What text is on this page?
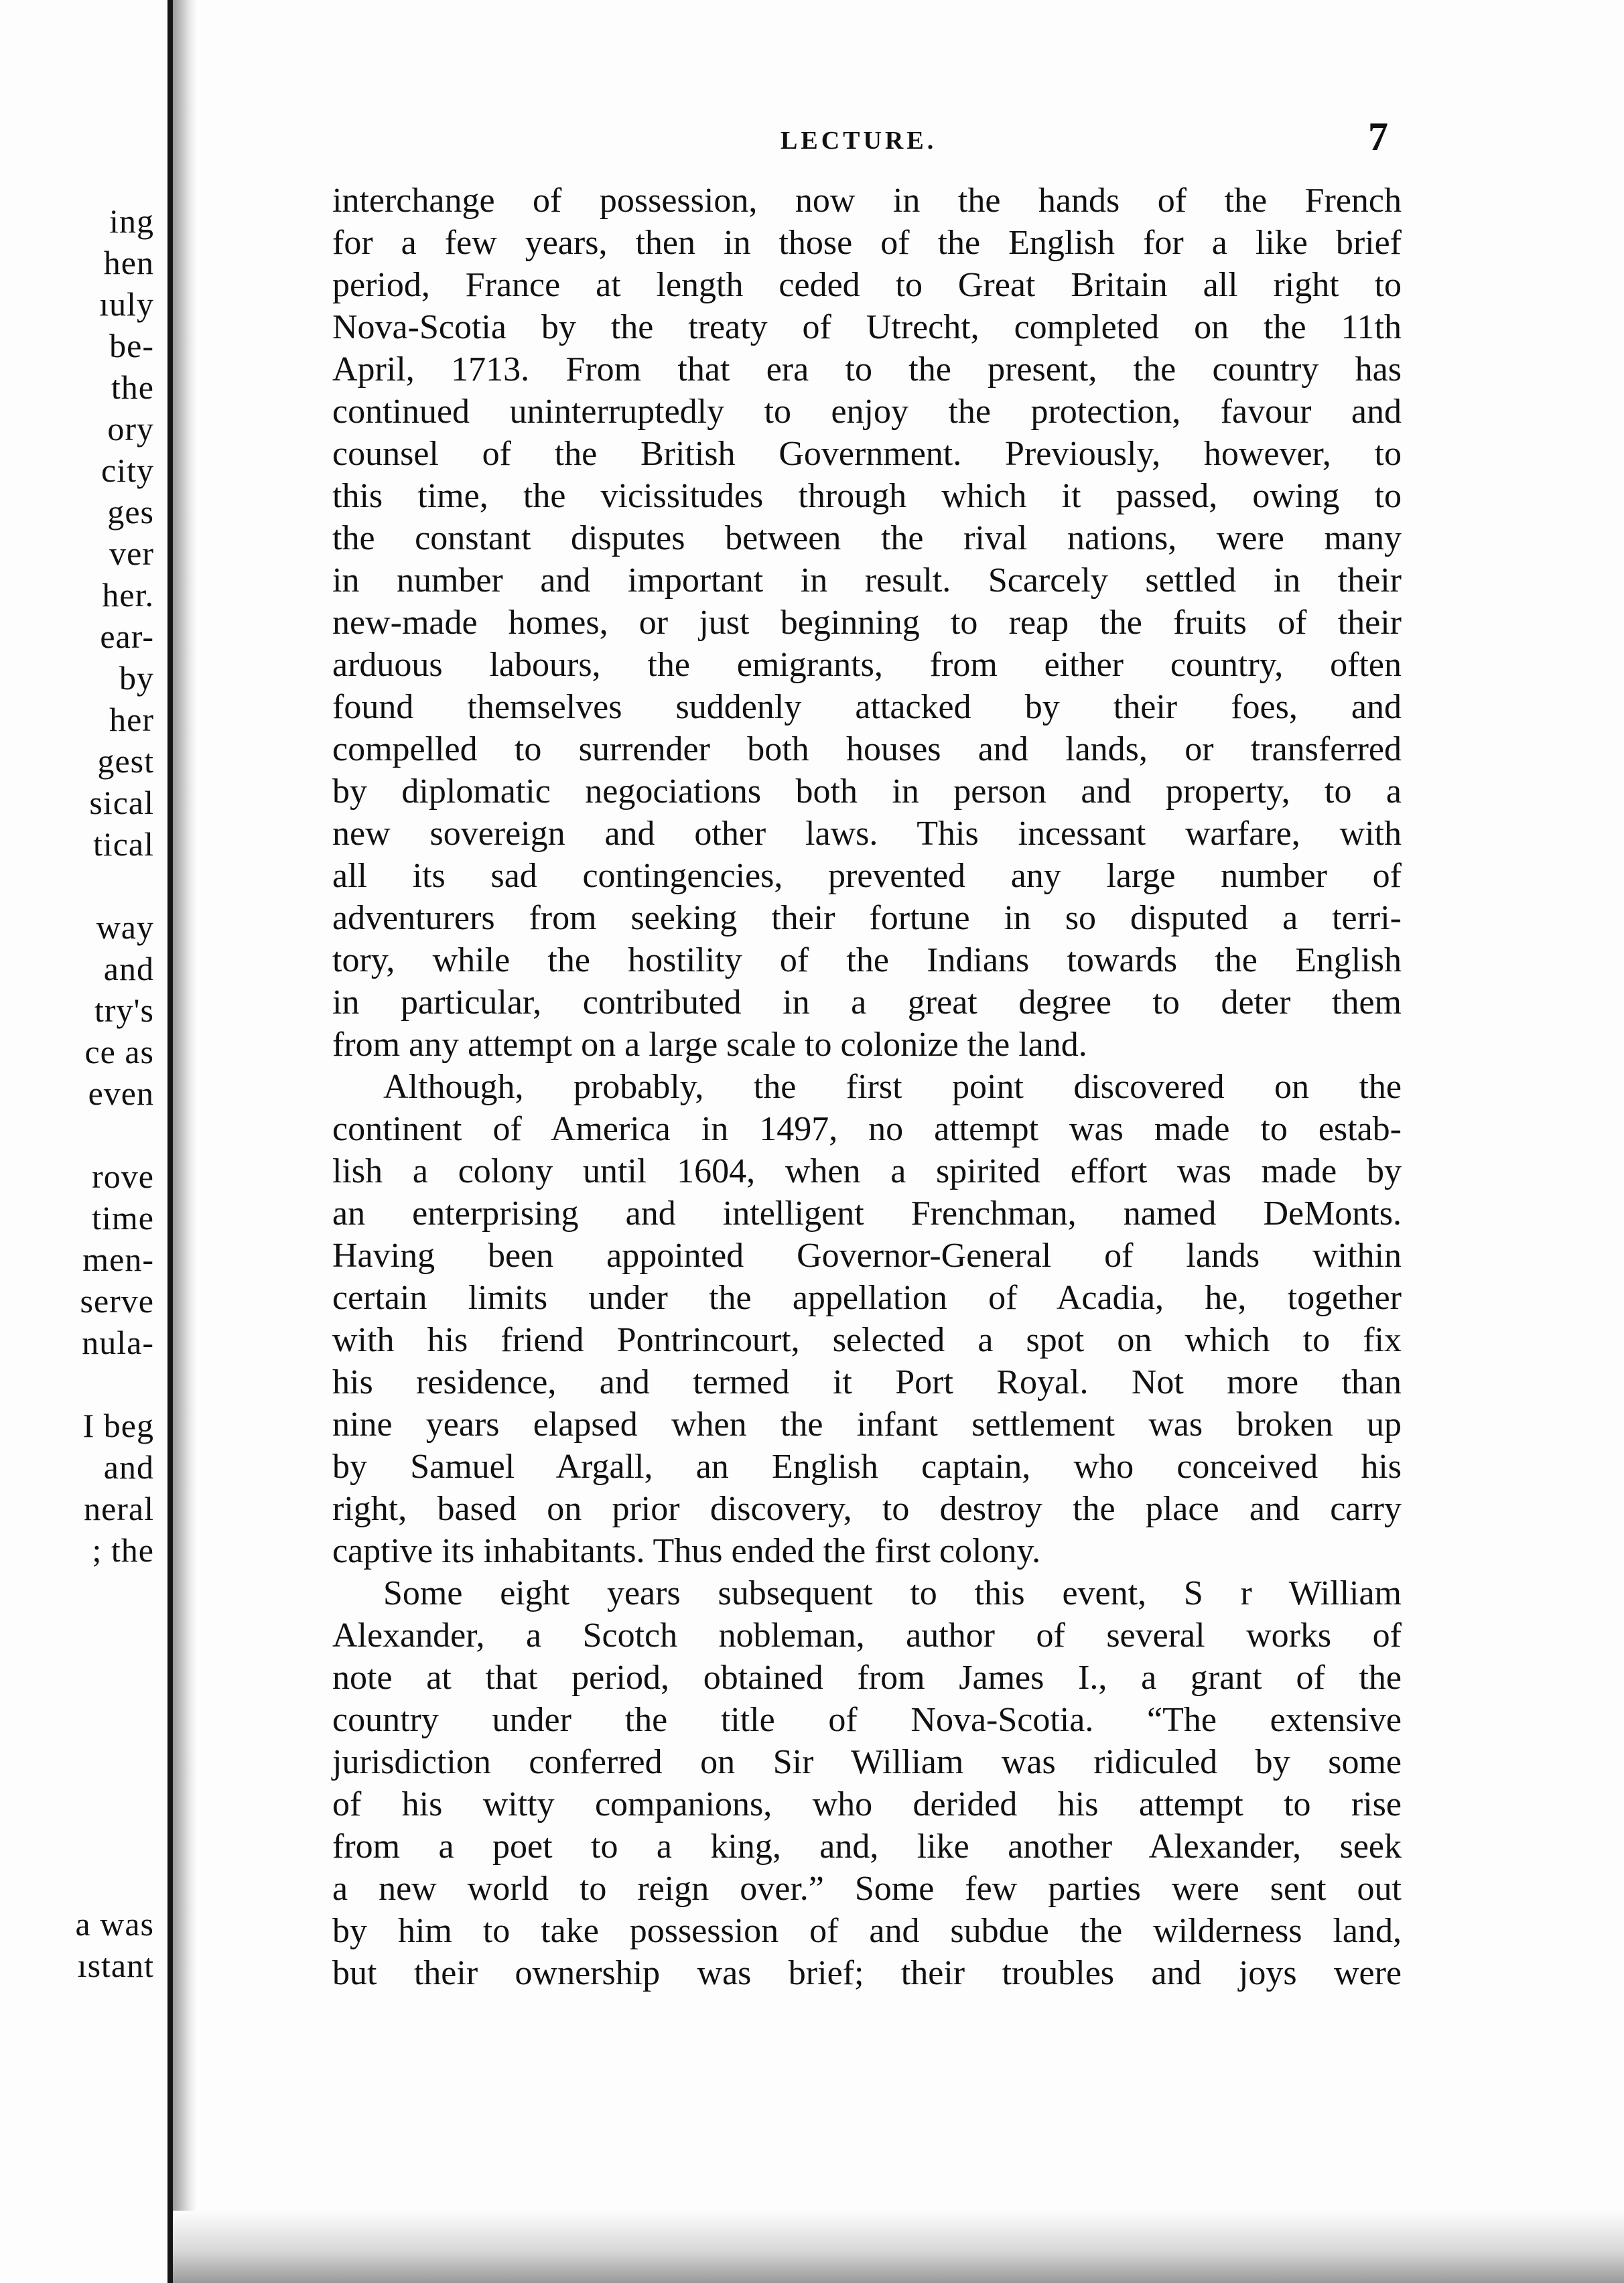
ing
hen
ıuly
be-
the
ory
city
ges
ver
her.
ear-
by
her
gest
sical
tical
way
and
try's
ce as
even
rove
time
men-
serve
nula-
I beg
and
neral
; the
a was
ıstant
LECTURE.	7
interchange of possession, now in the hands of the French
for a few years, then in those of the English for a like brief
period, France at length ceded to Great Britain all right to
Nova-Scotia by the treaty of Utrecht, completed on the 11th
April, 1713. From that era to the present, the country has
continued uninterruptedly to enjoy the protection, favour and
counsel of the British Government. Previously, however, to
this time, the vicissitudes through which it passed, owing to
the constant disputes between the rival nations, were many
in number and important in result. Scarcely settled in their
new-made homes, or just beginning to reap the fruits of their
arduous labours, the emigrants, from either country, often
found themselves suddenly attacked by their foes, and
compelled to surrender both houses and lands, or transferred
by diplomatic negociations both in person and property, to a
new sovereign and other laws. This incessant warfare, with
all its sad contingencies, prevented any large number of
adventurers from seeking their fortune in so disputed a terri-
tory, while the hostility of the Indians towards the English
in particular, contributed in a great degree to deter them
from any attempt on a large scale to colonize the land.
Although, probably, the first point discovered on the
continent of America in 1497, no attempt was made to estab-
lish a colony until 1604, when a spirited effort was made by
an enterprising and intelligent Frenchman, named DeMonts.
Having been appointed Governor-General of lands within
certain limits under the appellation of Acadia, he, together
with his friend Pontrincourt, selected a spot on which to fix
his residence, and termed it Port Royal. Not more than
nine years elapsed when the infant settlement was broken up
by Samuel Argall, an English captain, who conceived his
right, based on prior discovery, to destroy the place and carry
captive its inhabitants. Thus ended the first colony.
Some eight years subsequent to this event, S r William
Alexander, a Scotch nobleman, author of several works of
note at that period, obtained from James I., a grant of the
country under the title of Nova-Scotia. “The extensive
jurisdiction conferred on Sir William was ridiculed by some
of his witty companions, who derided his attempt to rise
from a poet to a king, and, like another Alexander, seek
a new world to reign over.” Some few parties were sent out
by him to take possession of and subdue the wilderness land,
but their ownership was brief; their troubles and joys were
